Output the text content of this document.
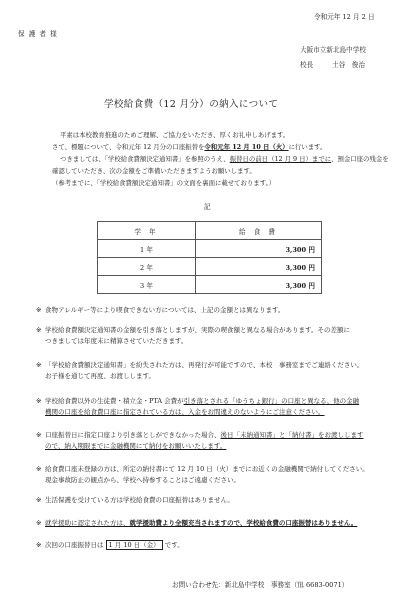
令和元年 12 月 2 日
保 護 者 様
大阪市立新北島中学校
校長	土谷　俊治
学校給食費（12 月分）の納入について
平素は本校教育推進のためご理解、ご協力をいただき、厚くお礼申しあげます。
さて、標題について、令和元年 12 月分の口座振替を令和元年 12 月 10 日（火）に行います。
つきましては、「学校給食費額決定通知書」を参照のうえ、振替日の前日（12 月 9 日）までに、預金口座の残金を
確認していただき、次の金額をご準備いただきますようお願いします。
（参考までに、「学校給食費額決定通知書」の文面を裏面に載せております。）
記
学 年	給 食 費
1 年	3,300 円
2 年	3,300 円
3 年	3,300 円
※ 食物アレルギー等により喫食できない方については、上記の金額とは異なります。
※ 学校給食費額決定通知書の金額を引き落としますが、実際の喫食額と異なる場合があります。その差額に
つきましては年度末に精算させていただきます。
※ 「学校給食費額決定通知書」を紛失された方は、再発行が可能ですので、本校　事務室までご連絡ください。
お子様を通じて再度、お渡しします。
※ 学校給食費以外の生徒費・積立金・PTA 会費が引き落とされる「ゆうちょ銀行」の口座と異なる、他の金融
機関の口座を給食費口座に指定されている方は、入金をお間違えのないようにご注意ください。
※ 口座振替日に指定口座より引き落としができなかった場合、後日「未納通知書」と「納付書」をお渡しします
ので、納入期限までに金融機関にて納付をお願いいたします。
※ 給食費口座未登録の方は、所定の納付書にて 12 月 10 日（火）までにお近くの金融機関で納付してください。
現金事故防止の観点から、学校へ持参することはご遠慮ください。
※ 生活保護を受けている方は学校給食費の口座振替はありません。
※ 就学援助に認定された方は、就学援助費より全額充当されますので、学校給食費の口座振替はありません。
※ 次回の口座振替日は 1 月 10 日（金） です。
お問い合わせ先：新北島中学校　事務室（℡ 6683-0071）
